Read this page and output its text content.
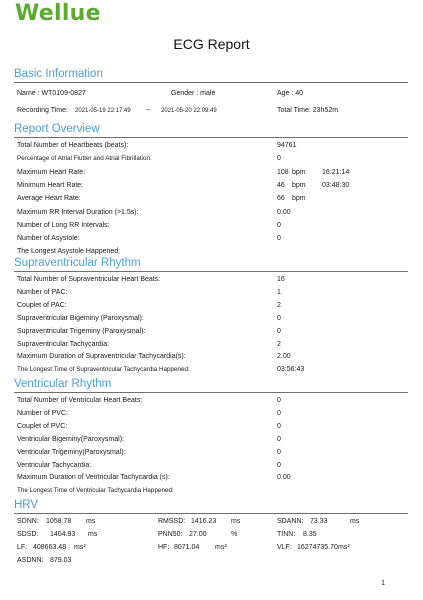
Wellue
ECG Report
Basic Information
Name : WT0109-0827	Gender : male	Age : 40
Recording Time: 2021-05-19 22:17:49 -- 2021-05-20 22:09:49	Total Time: 23h52m
Report Overview
Total Number of Heartbeats (beats):	94761
Percentage of Atrial Flutter and Atrial Fibrillation:	0
Maximum Heart Rate:	108 bpm 16:21:14
Minimum Heart Rate:	46 bpm 03:48:30
Average Heart Rate:	66 bpm
Maximum RR Interval Duration (>1.5s):	0.00
Number of Long RR Intervals:	0
Number of Asystole:	0
The Longest Asystole Happened:
Supraventricular Rhythm
Total Number of Supraventricular Heart Beats:	16
Number of PAC:	1
Couplet of PAC:	2
Supraventricular Bigeminy (Paroxysmal):	0
Supraventricular Trigeminy (Paroxysmal):	0
Supraventricular Tachycardia:	2
Maximum Duration of Supraventricular Tachycardia(s):	2.00
The Longest Time of Supraventricular Tachycardia Happened:	03:56:43
Ventricular Rhythm
Total Number of Ventricular Heart Beats:	0
Number of PVC:	0
Couplet of PVC:	0
Ventricular Bigeminy(Paroxysmal):	0
Ventricular Trigeminy(Paroxysmal):	0
Ventricular Tachycardia:	0
Maximum Duration of Ventricular Tachycardia (s):	0.00
The Longest Time of Ventricular Tachycardia Happened:
HRV
SDNN: 1058.78 ms	RMSSD: 1416.23 ms	SDANN: 73.33	ms
SDSD: 1404.93 ms	PNN50: 27.00	%	TINN: 8.35
LF: 408663.48 ms²	HF: 8071.04 ms²	VLF: 16274735.70 ms²
ASDNN: 879.03
1
